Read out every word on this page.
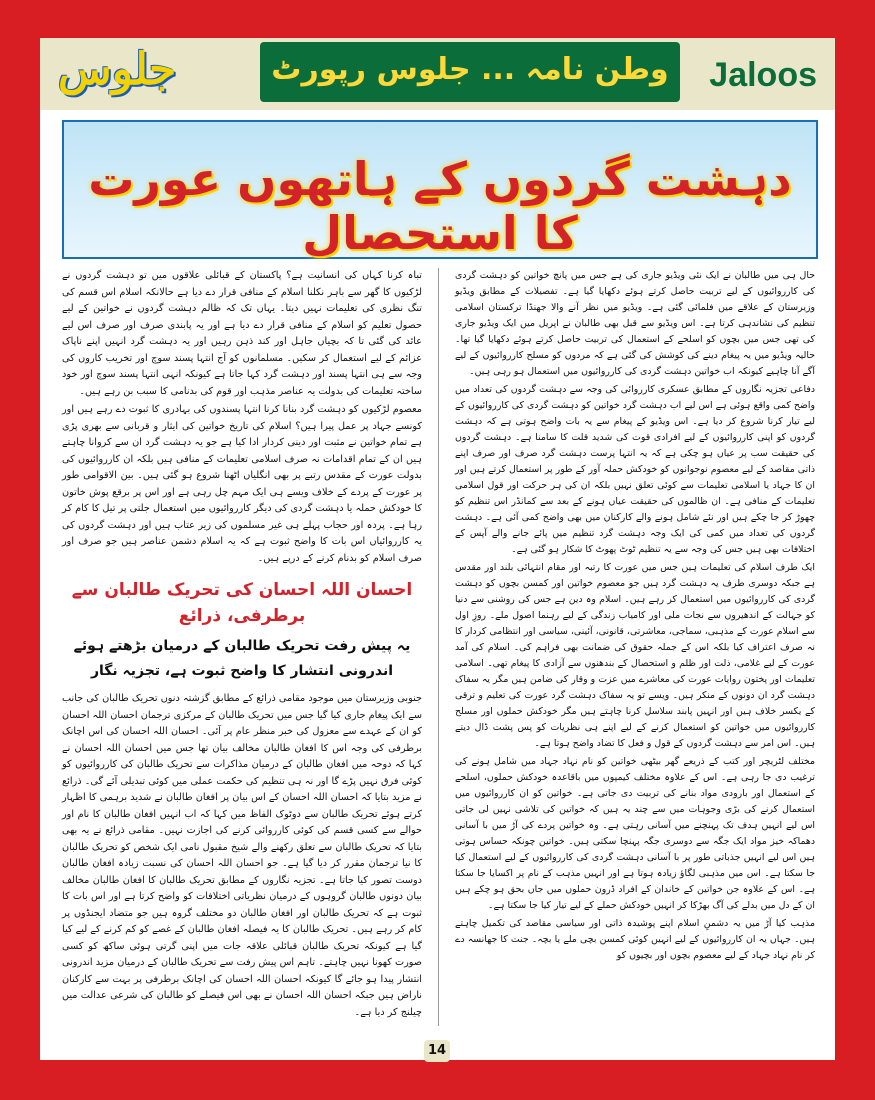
جلوس	وطن نامہ ... جلوس رپورٹ Jaloos
دہشت گردوں کے ہاتھوں عورت کا استحصال

حال ہی میں طالبان نے ایک نئی ویڈیو جاری کی ہے جس میں پانچ خواتین کو دہشت گردی کی کارروائیوں کے لیے تربیت حاصل کرتے ہوئے دکھایا گیا ہے۔ تفصیلات کے مطابق ویڈیو وزیرستان کے علاقے میں فلمائی گئی ہے۔ ویڈیو میں نظر آنے والا جھنڈا ترکستان اسلامی تنظیم کی نشاندہی کرتا ہے۔ اس ویڈیو سے قبل بھی طالبان نے اپریل میں ایک ویڈیو جاری کی تھی جس میں بچوں کو اسلحے کے استعمال کی تربیت حاصل کرتے ہوئے دکھایا گیا تھا۔ حالیہ ویڈیو میں یہ پیغام دینے کی کوشش کی گئی ہے کہ مردوں کو مسلح کارروائیوں کے لیے آگے آنا چاہیے کیونکہ اب خواتین دہشت گردی کی کارروائیوں میں استعمال ہو رہی ہیں۔

دفاعی تجزیہ نگاروں کے مطابق عسکری کارروائی کی وجہ سے دہشت گردوں کی تعداد میں واضح کمی واقع ہوئی ہے اس لیے اب دہشت گرد خواتین کو دہشت گردی کی کارروائیوں کے لیے تیار کرنا شروع کر دیا ہے۔ اس ویڈیو کے پیغام سے یہ بات واضح ہوتی ہے کہ دہشت گردوں کو اپنی کارروائیوں کے لیے افرادی قوت کی شدید قلت کا سامنا ہے۔ دہشت گردوں کی حقیقت سب پر عیاں ہو چکی ہے کہ یہ انتہا پرست دہشت گرد صرف اور صرف اپنے ذاتی مقاصد کے لیے معصوم نوجوانوں کو خودکش حملہ آور کے طور پر استعمال کرتے ہیں اور ان کا جہاد یا اسلامی تعلیمات سے کوئی تعلق نہیں بلکہ ان کی ہر حرکت اور قول اسلامی تعلیمات کے منافی ہے۔ ان ظالموں کی حقیقت عیاں ہونے کے بعد سے کمانڈر اس تنظیم کو چھوڑ کر جا چکے ہیں اور نئے شامل ہونے والے کارکنان میں بھی واضح کمی آئی ہے۔ دہشت گردوں کی تعداد میں کمی کی ایک وجہ دہشت گرد تنظیم میں پائے جانے والے آپس کے اختلافات بھی ہیں جس کی وجہ سے یہ تنظیم ٹوٹ پھوٹ کا شکار ہو گئی ہے۔

ایک طرف اسلام کی تعلیمات ہیں جس میں عورت کا رتبہ اور مقام انتہائی بلند اور مقدس ہے جبکہ دوسری طرف یہ دہشت گرد ہیں جو معصوم خواتین اور کمسن بچوں کو دہشت گردی کی کارروائیوں میں استعمال کر رہے ہیں۔ اسلام وہ دین ہے جس کی روشنی سے دنیا کو جہالت کے اندھیروں سے نجات ملی اور کامیاب زندگی کے لیے رہنما اصول ملے۔ روزِ اول سے اسلام عورت کے مذہبی، سماجی، معاشرتی، قانونی، آئینی، سیاسی اور انتظامی کردار کا نہ صرف اعتراف کیا بلکہ اس کے جملہ حقوق کی ضمانت بھی فراہم کی۔ اسلام کی آمد عورت کے لیے غلامی، ذلت اور ظلم و استحصال کے بندھنوں سے آزادی کا پیغام تھی۔ اسلامی تعلیمات اور پختون روایات عورت کی معاشرے میں عزت و وقار کی ضامن ہیں مگر یہ سفاک دہشت گرد ان دونوں کے منکر ہیں۔ ویسے تو یہ سفاک دہشت گرد عورت کی تعلیم و ترقی کے یکسر خلاف ہیں اور انہیں پابند سلاسل کرنا چاہتے ہیں مگر خودکش حملوں اور مسلح کارروائیوں میں خواتین کو استعمال کرنے کے لیے اپنے ہی نظریات کو پس پشت ڈال دیتے ہیں۔ اس امر سے دہشت گردوں کے قول و فعل کا تضاد واضح ہوتا ہے۔

مختلف لٹریچر اور کتب کے ذریعے گھر بیٹھی خواتین کو نام نہاد جہاد میں شامل ہونے کی ترغیب دی جا رہی ہے۔ اس کے علاوہ مختلف کیمپوں میں باقاعدہ خودکش حملوں، اسلحے کے استعمال اور بارودی مواد بنانے کی تربیت دی جاتی ہے۔ خواتین کو ان کارروائیوں میں استعمال کرنے کی بڑی وجوہات میں سے چند یہ ہیں کہ خواتین کی تلاشی نہیں لی جاتی اس لیے انہیں ہدف تک پہنچنے میں آسانی رہتی ہے۔ وہ خواتین پردے کی آڑ میں با آسانی دھماکہ خیز مواد ایک جگہ سے دوسری جگہ پہنچا سکتی ہیں۔ خواتین چونکہ حساس ہوتی ہیں اس لیے انہیں جذباتی طور پر با آسانی دہشت گردی کی کارروائیوں کے لیے استعمال کیا جا سکتا ہے۔ اس میں مذہبی لگاؤ زیادہ ہوتا ہے اور انہیں مذہب کے نام پر اکسایا جا سکتا ہے۔ اس کے علاوہ جن خواتین کے خاندان کے افراد ڈرون حملوں میں جاں بحق ہو چکے ہیں ان کے دل میں بدلے کی آگ بھڑکا کر انہیں خودکش حملے کے لیے تیار کیا جا سکتا ہے۔

مذہب کیا آڑ میں یہ دشمنِ اسلام اپنے پوشیدہ ذاتی اور سیاسی مقاصد کی تکمیل چاہتے ہیں۔ جہاں یہ ان کارروائیوں کے لیے انہیں کوئی کمسن بچی ملے یا بچہ۔ جنت کا جھانسہ دے کر نام نہاد جہاد کے لیے معصوم بچوں اور بچیوں کو

تباہ کرنا کہاں کی انسانیت ہے؟ پاکستان کے قبائلی علاقوں میں تو دہشت گردوں نے لڑکیوں کا گھر سے باہر نکلنا اسلام کے منافی قرار دے دیا ہے حالانکہ اسلام اس قسم کی تنگ نظری کی تعلیمات نہیں دیتا۔ یہاں تک کہ ظالم دہشت گردوں نے خواتین کے لیے حصول تعلیم کو اسلام کے منافی قرار دے دیا ہے اور یہ پابندی صرف اور صرف اس لیے عائد کی گئی تا کہ بچیاں جاہل اور کند ذہن رہیں اور یہ دہشت گرد انہیں اپنے ناپاک عزائم کے لیے استعمال کر سکیں۔ مسلمانوں کو آج انتہا پسند سوچ اور تخریب کاروں کی وجہ سے ہی انتہا پسند اور دہشت گرد کہا جاتا ہے کیونکہ انہی انتہا پسند سوچ اور خود ساختہ تعلیمات کی بدولت یہ عناصر مذہب اور قوم کی بدنامی کا سبب بن رہے ہیں۔

معصوم لڑکیوں کو دہشت گرد بنانا کرنا انتہا پسندوں کی بہادری کا ثبوت دے رہے ہیں اور کونسے جہاد پر عمل پیرا ہیں؟ اسلام کی تاریخ خواتین کی ایثار و قربانی سے بھری پڑی ہے تمام خواتین نے مثبت اور دینی کردار ادا کیا ہے جو یہ دہشت گرد ان سے کروانا چاہتے ہیں ان کے تمام اقدامات نہ صرف اسلامی تعلیمات کے منافی ہیں بلکہ ان کارروائیوں کی بدولت عورت کے مقدس رتبے پر بھی انگلیاں اٹھنا شروع ہو گئی ہیں۔ بین الاقوامی طور پر عورت کے پردے کے خلاف ویسے ہی ایک مہم چل رہی ہے اور اس پر برقع پوش خاتون کا خودکش حملہ یا دہشت گردی کی دیگر کارروائیوں میں استعمال جلتی پر تیل کا کام کر رہا ہے۔ پردہ اور حجاب پہلے ہی غیر مسلموں کی زیر عتاب ہیں اور دہشت گردوں کی یہ کارروائیاں اس بات کا واضح ثبوت ہے کہ یہ اسلام دشمن عناصر ہیں جو صرف اور صرف اسلام کو بدنام کرنے کے درپے ہیں۔

احسان اللہ احسان کی تحریک طالبان سے برطرفی، ذرائع
یہ پیش رفت تحریک طالبان کے درمیان بڑھتے ہوئے
اندرونی انتشار کا واضح ثبوت ہے، تجزیہ نگار

جنوبی وزیرستان میں موجود مقامی ذرائع کے مطابق گزشتہ دنوں تحریک طالبان کی جانب سے ایک پیغام جاری کیا گیا جس میں تحریک طالبان کے مرکزی ترجمان احسان اللہ احسان کو ان کے عہدے سے معزول کی خبر منظر عام پر آئی۔ احسان اللہ احسان کی اس اچانک برطرفی کی وجہ اس کا افغان طالبان مخالف بیان تھا جس میں احسان اللہ احسان نے کہا کہ دوحہ میں افغان طالبان کے درمیان مذاکرات سے تحریک طالبان کی کارروائیوں کو کوئی فرق نہیں پڑے گا اور نہ ہی تنظیم کی حکمت عملی میں کوئی تبدیلی آئے گی۔ ذرائع نے مزید بتایا کہ احسان اللہ احسان کے اس بیان پر افغان طالبان نے شدید برہمی کا اظہار کرتے ہوئے تحریک طالبان سے دوٹوک الفاظ میں کہا کہ اب انہیں افغان طالبان کا نام اور حوالے سے کسی قسم کی کوئی کارروائی کرنے کی اجازت نہیں۔ مقامی ذرائع نے یہ بھی بتایا کہ تحریک طالبان سے تعلق رکھنے والے شیخ مقبول نامی ایک شخص کو تحریک طالبان کا نیا ترجمان مقرر کر دیا گیا ہے۔ جو احسان اللہ احسان کی نسبت زیادہ افغان طالبان دوست تصور کیا جاتا ہے۔ تجزیہ نگاروں کے مطابق تحریک طالبان کا افغان طالبان مخالف بیان دونوں طالبان گروہوں کے درمیان نظریاتی اختلافات کو واضح کرتا ہے اور اس بات کا ثبوت ہے کہ تحریک طالبان اور افغان طالبان دو مختلف گروہ ہیں جو متضاد ایجنڈوں پر کام کر رہے ہیں۔ تحریک طالبان کا یہ فیصلہ افغان طالبان کے غصے کو کم کرنے کے لیے کیا گیا ہے کیونکہ تحریک طالبان قبائلی علاقہ جات میں اپنی گرتی ہوئی ساکھ کو کسی صورت کھونا نہیں چاہتے۔ تاہم اس پیش رفت سے تحریک طالبان کے درمیان مزید اندرونی انتشار پیدا ہو جائے گا کیونکہ احسان اللہ احسان کی اچانک برطرفی پر بہت سے کارکنان ناراض ہیں جبکہ احسان اللہ احسان نے بھی اس فیصلے کو طالبان کی شرعی عدالت میں چیلنج کر دیا ہے۔

14
